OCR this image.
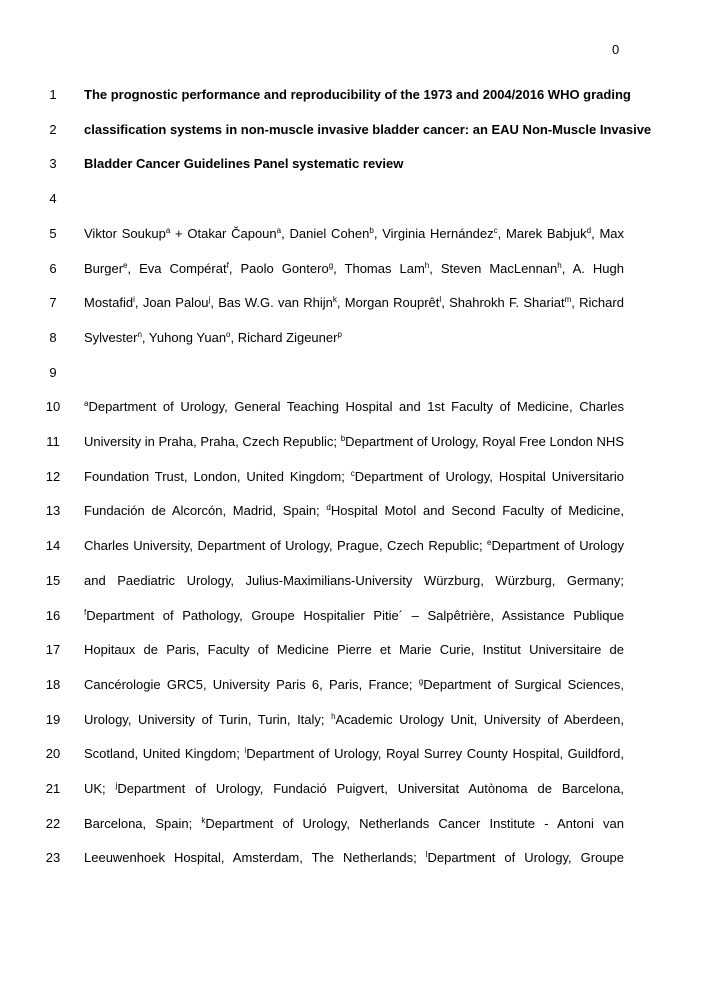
0
1	The prognostic performance and reproducibility of the 1973 and 2004/2016 WHO grading
2	classification systems in non-muscle invasive bladder cancer: an EAU Non-Muscle Invasive
3	Bladder Cancer Guidelines Panel systematic review
4
5	Viktor Soukup$^a$ + Otakar Čapoun$^a$, Daniel Cohen$^b$, Virginia Hernández$^c$, Marek Babjuk$^d$, Max
6	Burger$^e$, Eva Compérat$^f$, Paolo Gontero$^g$, Thomas Lam$^h$, Steven MacLennan$^h$, A. Hugh
7	Mostafid$^i$, Joan Palou$^j$, Bas W.G. van Rhijn$^k$, Morgan Rouprêt$^l$, Shahrokh F. Shariat$^m$, Richard
8	Sylvester$^n$, Yuhong Yuan$^o$, Richard Zigeuner$^p$
9
10	$^a$Department of Urology, General Teaching Hospital and 1st Faculty of Medicine, Charles
11	University in Praha, Praha, Czech Republic; $^b$Department of Urology, Royal Free London NHS
12	Foundation Trust, London, United Kingdom; $^c$Department of Urology, Hospital Universitario
13	Fundación de Alcorcón, Madrid, Spain; $^d$Hospital Motol and Second Faculty of Medicine,
14	Charles University, Department of Urology, Prague, Czech Republic; $^e$Department of Urology
15	and Paediatric Urology, Julius-Maximilians-University Würzburg, Würzburg, Germany;
16	$^f$Department of Pathology, Groupe Hospitalier Pitie´ – Salpêtrière, Assistance Publique
17	Hopitaux de Paris, Faculty of Medicine Pierre et Marie Curie, Institut Universitaire de
18	Cancérologie GRC5, University Paris 6, Paris, France; $^g$Department of Surgical Sciences,
19	Urology, University of Turin, Turin, Italy; $^h$Academic Urology Unit, University of Aberdeen,
20	Scotland, United Kingdom; $^i$Department of Urology, Royal Surrey County Hospital, Guildford,
21	UK; $^j$Department of Urology, Fundació Puigvert, Universitat Autònoma de Barcelona,
22	Barcelona, Spain; $^k$Department of Urology, Netherlands Cancer Institute - Antoni van
23	Leeuwenhoek Hospital, Amsterdam, The Netherlands; $^l$Department of Urology, Groupe
